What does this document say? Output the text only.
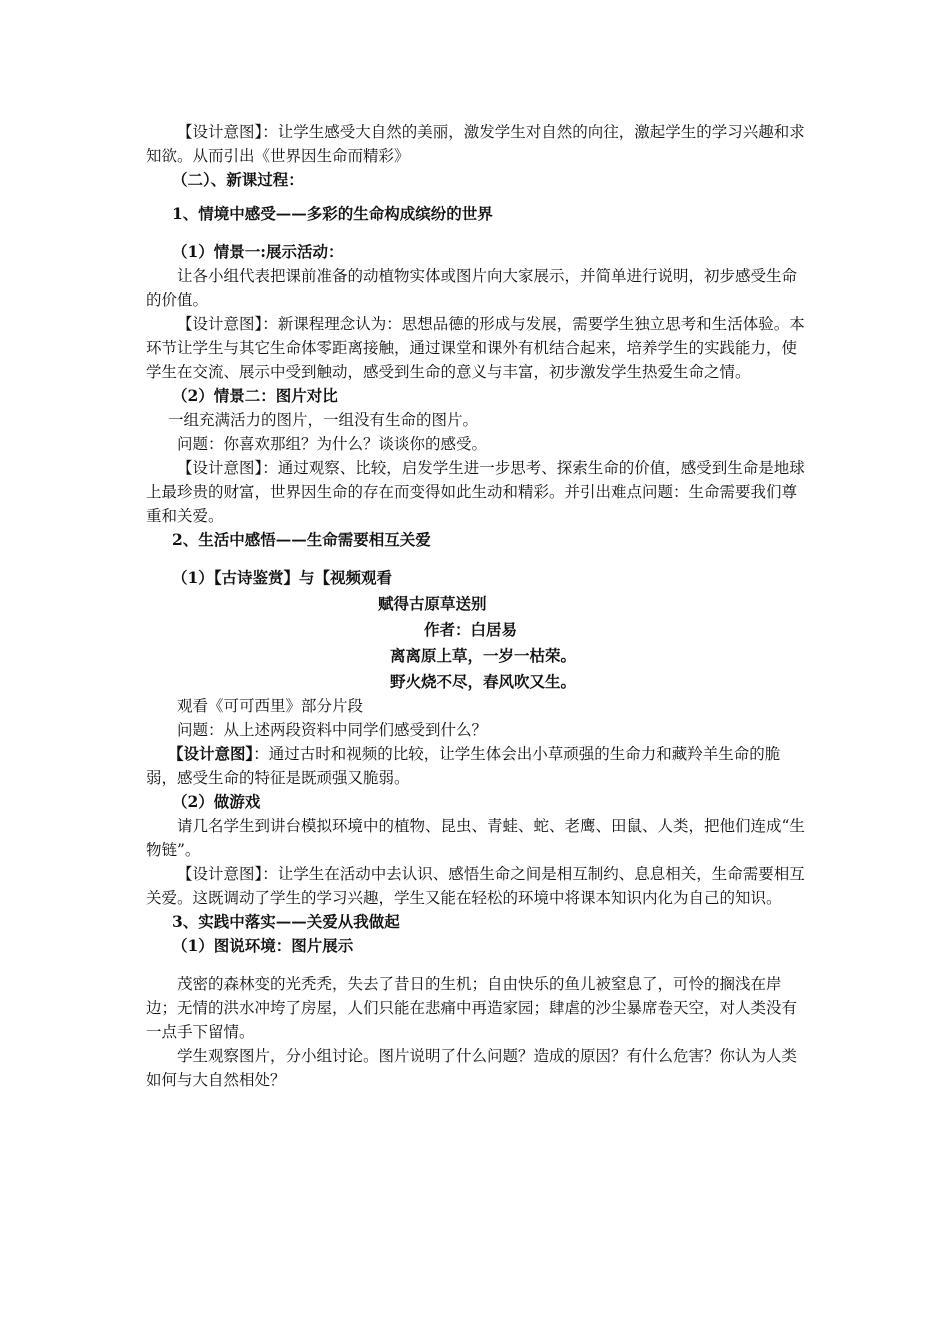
【设计意图】：让学生感受大自然的美丽，激发学生对自然的向往，激起学生的学习兴趣和求知欲。从而引出《世界因生命而精彩》

（二）、新课过程：

1、情境中感受——多彩的生命构成缤纷的世界

（1）情景一:展示活动：

让各小组代表把课前准备的动植物实体或图片向大家展示，并简单进行说明，初步感受生命的价值。

【设计意图】：新课程理念认为：思想品德的形成与发展，需要学生独立思考和生活体验。本环节让学生与其它生命体零距离接触，通过课堂和课外有机结合起来，培养学生的实践能力，使学生在交流、展示中受到触动，感受到生命的意义与丰富，初步激发学生热爱生命之情。

（2）情景二：图片对比

一组充满活力的图片，一组没有生命的图片。

问题：你喜欢那组？为什么？谈谈你的感受。

【设计意图】：通过观察、比较，启发学生进一步思考、探索生命的价值，感受到生命是地球上最珍贵的财富，世界因生命的存在而变得如此生动和精彩。并引出难点问题：生命需要我们尊重和关爱。

2、生活中感悟——生命需要相互关爱

（1）【古诗鉴赏】与【视频观看

赋得古原草送别

作者：白居易

离离原上草，一岁一枯荣。

野火烧不尽，春风吹又生。

观看《可可西里》部分片段

问题：从上述两段资料中同学们感受到什么？

【设计意图】：通过古时和视频的比较，让学生体会出小草顽强的生命力和藏羚羊生命的脆弱，感受生命的特征是既顽强又脆弱。

（2）做游戏

请几名学生到讲台模拟环境中的植物、昆虫、青蛙、蛇、老鹰、田鼠、人类，把他们连成“生物链”。

【设计意图】：让学生在活动中去认识、感悟生命之间是相互制约、息息相关，生命需要相互关爱。这既调动了学生的学习兴趣，学生又能在轻松的环境中将课本知识内化为自己的知识。

3、实践中落实——关爱从我做起

（1）图说环境：图片展示

茂密的森林变的光秃秃，失去了昔日的生机；自由快乐的鱼儿被窒息了，可怜的搁浅在岸边；无情的洪水冲垮了房屋，人们只能在悲痛中再造家园；肆虐的沙尘暴席卷天空，对人类没有一点手下留情。

学生观察图片，分小组讨论。图片说明了什么问题？造成的原因？有什么危害？你认为人类如何与大自然相处？
